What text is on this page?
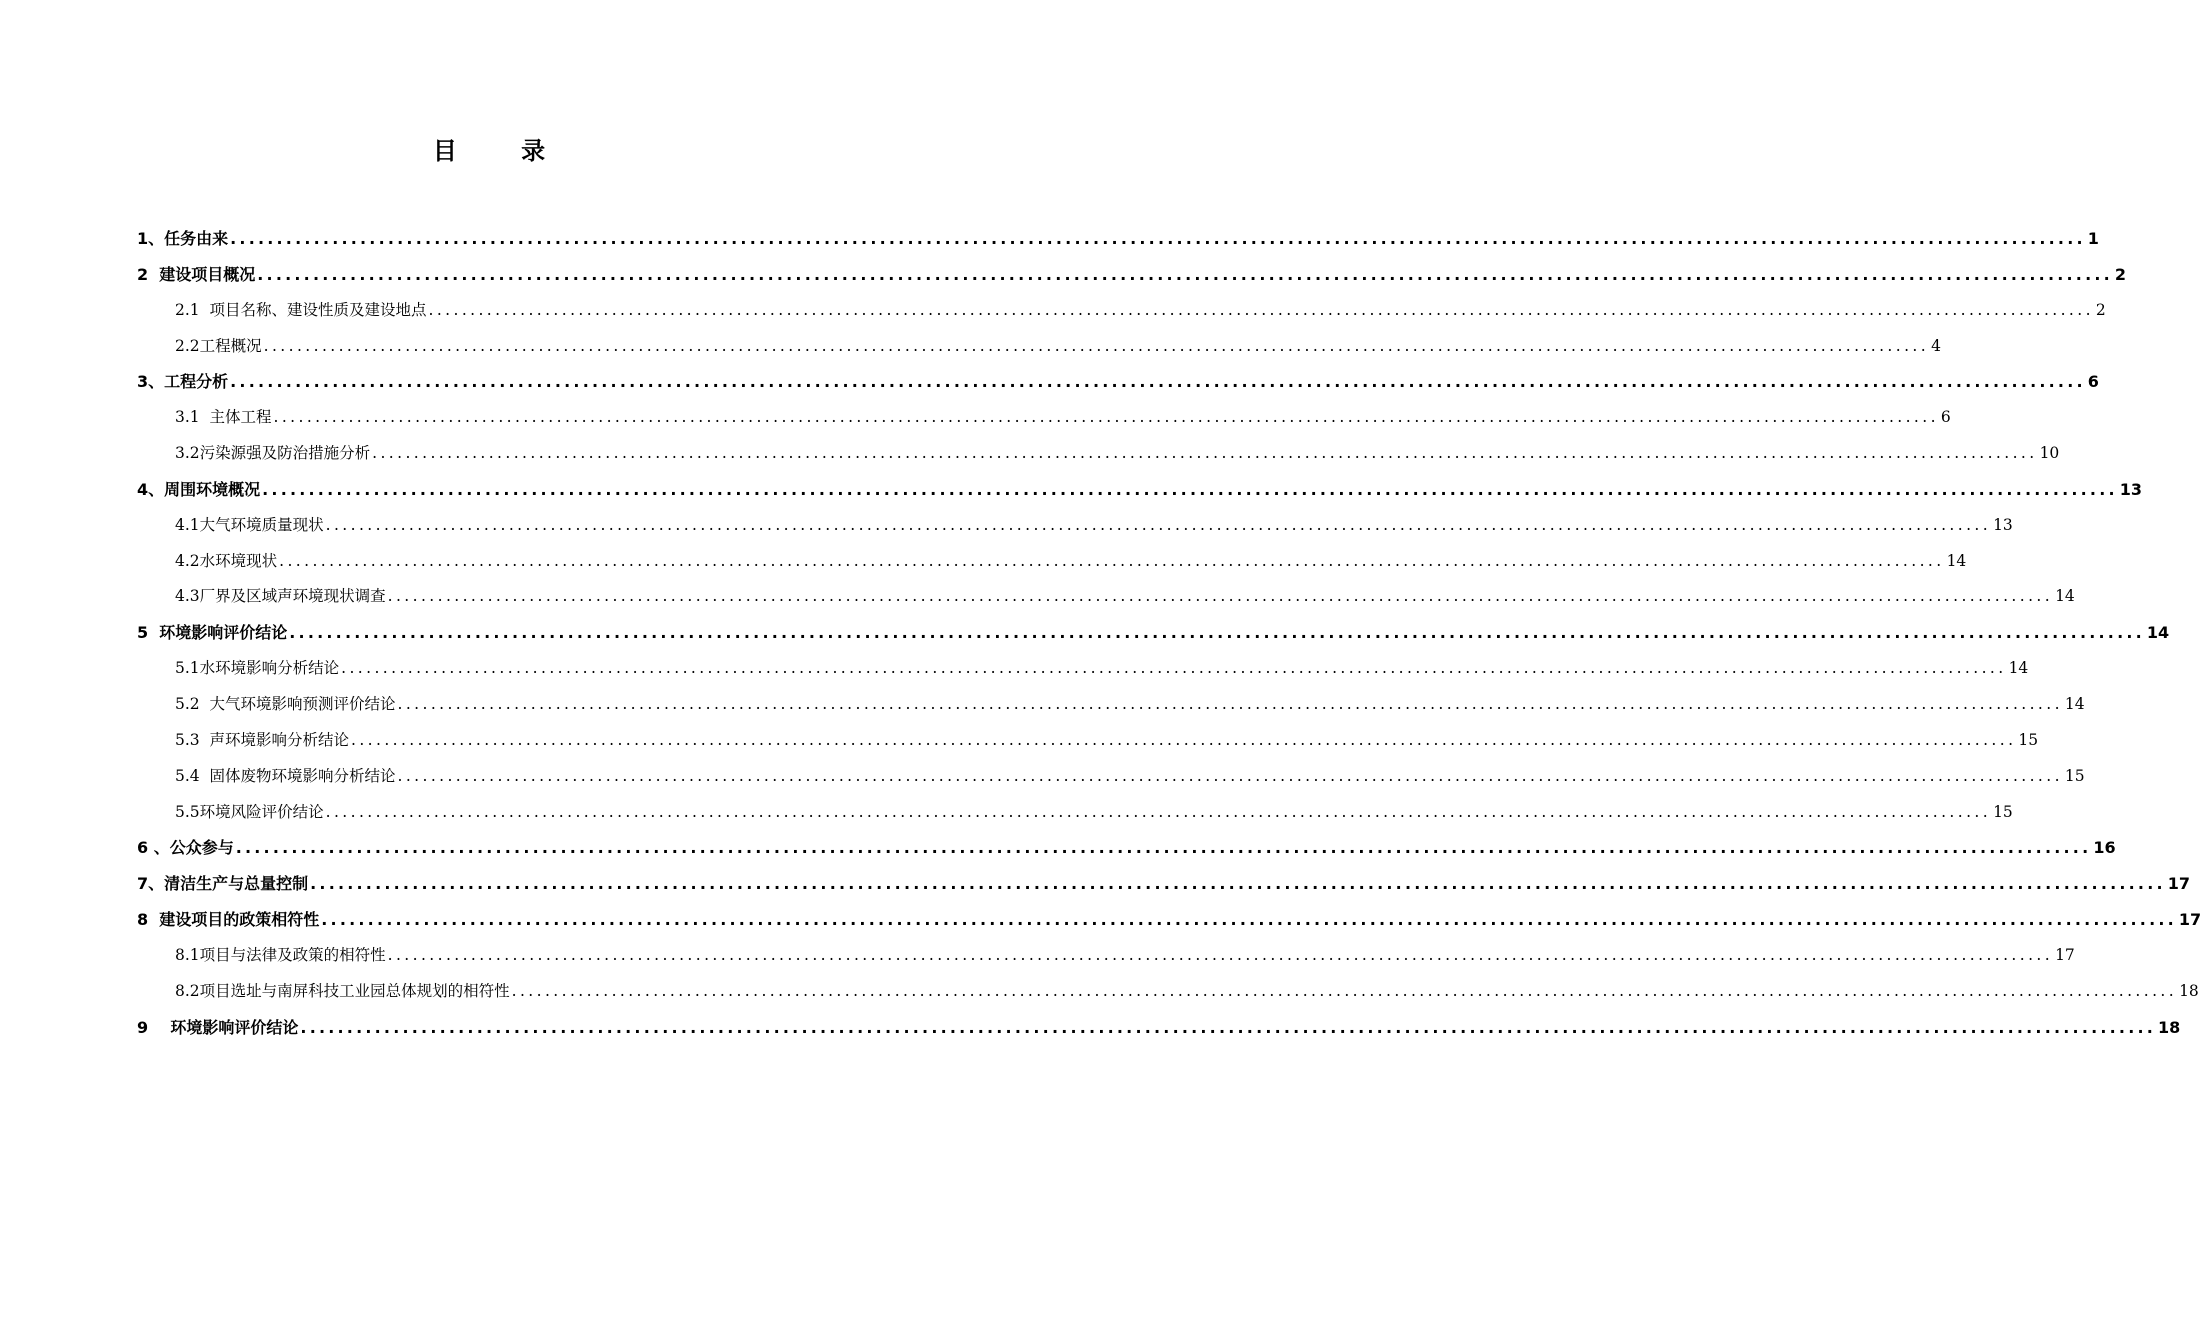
目 录
1、任务由来 ........................................................................................................................................................................................................ 1
2  建设项目概况 ........................................................................................................................................................................................................ 2
2.1  项目名称、建设性质及建设地点 ........................................................................................................................................................................................................ 2
2.2工程概况 ........................................................................................................................................................................................................ 4
3、工程分析 ........................................................................................................................................................................................................ 6
3.1  主体工程 ........................................................................................................................................................................................................ 6
3.2污染源强及防治措施分析 ........................................................................................................................................................................................................ 10
4、周围环境概况 ........................................................................................................................................................................................................ 13
4.1大气环境质量现状 ........................................................................................................................................................................................................ 13
4.2水环境现状 ........................................................................................................................................................................................................ 14
4.3厂界及区域声环境现状调查 ........................................................................................................................................................................................................ 14
5  环境影响评价结论 ........................................................................................................................................................................................................ 14
5.1水环境影响分析结论 ........................................................................................................................................................................................................ 14
5.2  大气环境影响预测评价结论 ........................................................................................................................................................................................................ 14
5.3  声环境影响分析结论 ........................................................................................................................................................................................................ 15
5.4  固体废物环境影响分析结论 ........................................................................................................................................................................................................ 15
5.5环境风险评价结论 ........................................................................................................................................................................................................ 15
6 、公众参与 ........................................................................................................................................................................................................ 16
7、清洁生产与总量控制 ........................................................................................................................................................................................................ 17
8  建设项目的政策相符性 ........................................................................................................................................................................................................ 17
8.1项目与法律及政策的相符性 ........................................................................................................................................................................................................ 17
8.2项目选址与南屏科技工业园总体规划的相符性 ........................................................................................................................................................................................................ 18
9    环境影响评价结论 ........................................................................................................................................................................................................ 18
